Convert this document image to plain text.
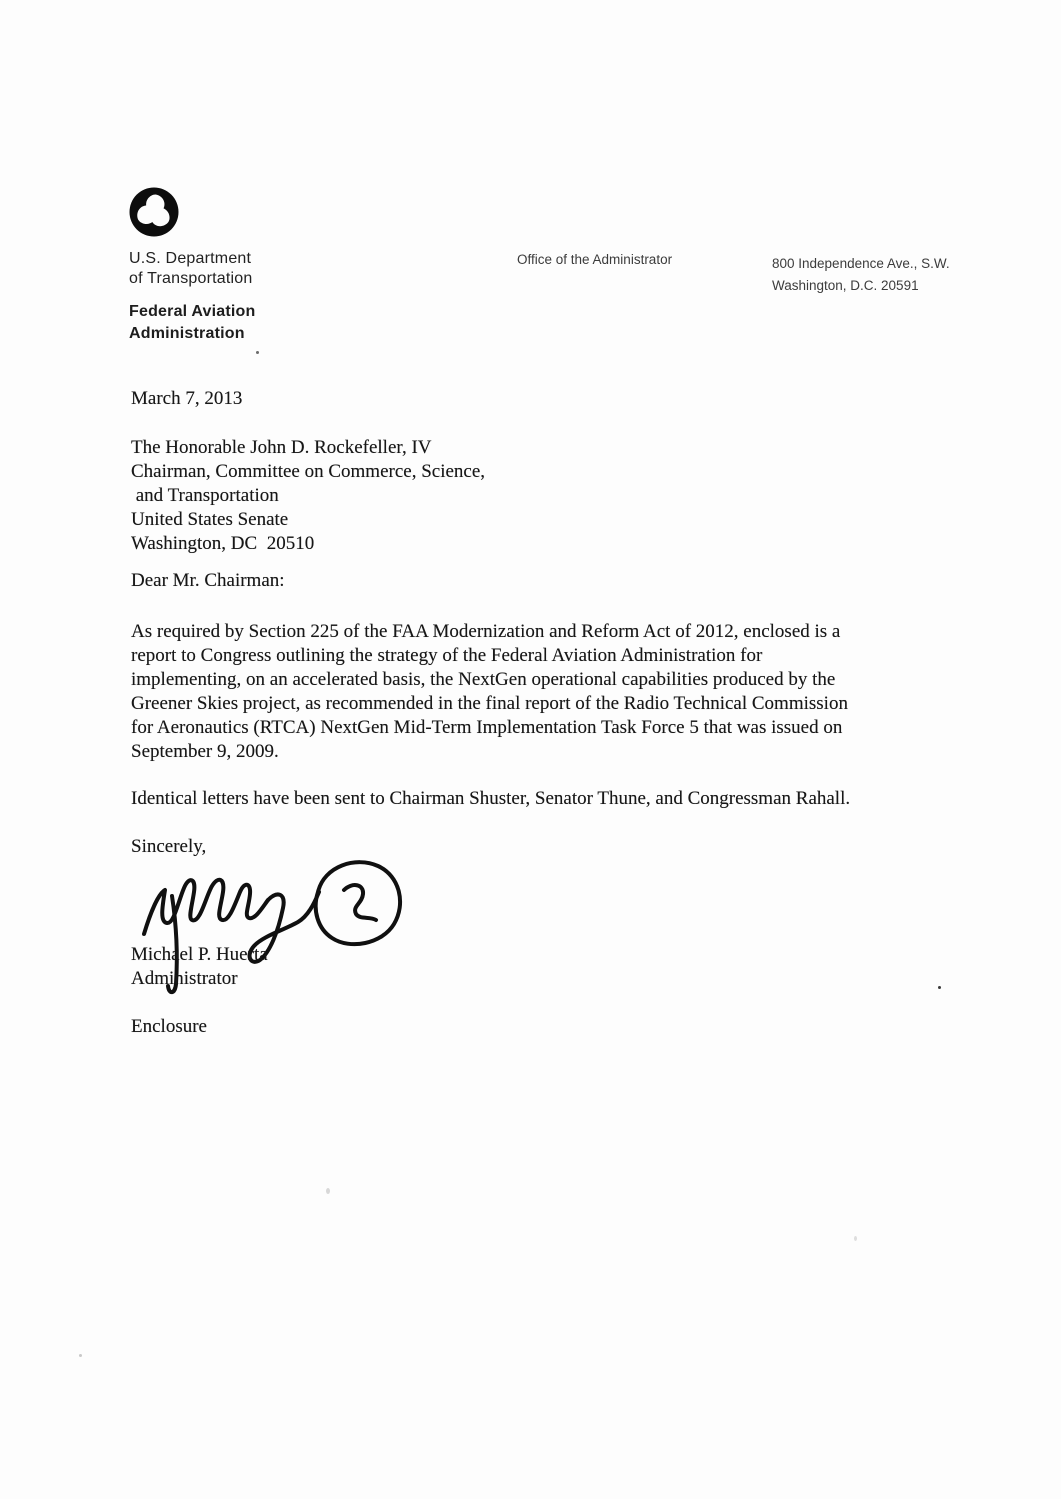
U.S. Department
of Transportation
Federal Aviation
Administration
Office of the Administrator	800 Independence Ave., S.W.
Washington, D.C. 20591
March 7, 2013
The Honorable John D. Rockefeller, IV
Chairman, Committee on Commerce, Science,
and Transportation
United States Senate
Washington, DC  20510
Dear Mr. Chairman:
As required by Section 225 of the FAA Modernization and Reform Act of 2012, enclosed is a
report to Congress outlining the strategy of the Federal Aviation Administration for
implementing, on an accelerated basis, the NextGen operational capabilities produced by the
Greener Skies project, as recommended in the final report of the Radio Technical Commission
for Aeronautics (RTCA) NextGen Mid-Term Implementation Task Force 5 that was issued on
September 9, 2009.
Identical letters have been sent to Chairman Shuster, Senator Thune, and Congressman Rahall.
Sincerely,
Michael P. Huerta
Administrator
Enclosure
